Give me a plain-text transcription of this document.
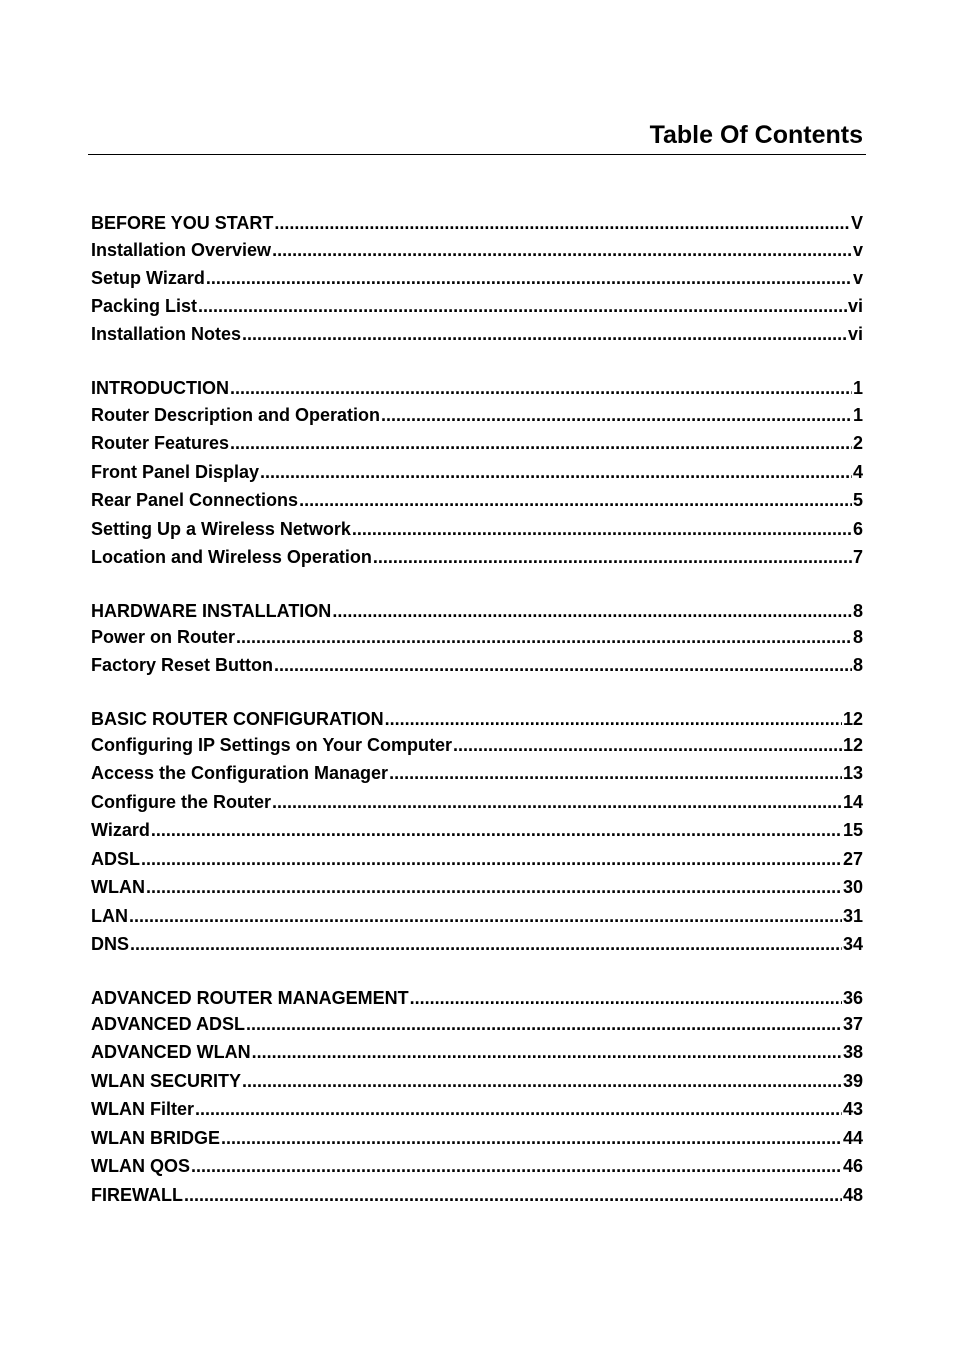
Table Of Contents
BEFORE YOU START .....	V
Installation Overview .....	v
Setup Wizard .....	v
Packing List .....	vi
Installation Notes .....	vi
INTRODUCTION .....	1
Router Description and Operation .....	1
Router Features .....	2
Front Panel Display .....	4
Rear Panel Connections .....	5
Setting Up a Wireless Network .....	6
Location and Wireless Operation .....	7
HARDWARE INSTALLATION .....	8
Power on Router .....	8
Factory Reset Button .....	8
BASIC ROUTER CONFIGURATION .....	12
Configuring IP Settings on Your Computer .....	12
Access the Configuration Manager .....	13
Configure the Router .....	14
Wizard .....	15
ADSL .....	27
WLAN .....	30
LAN .....	31
DNS .....	34
ADVANCED ROUTER MANAGEMENT .....	36
ADVANCED ADSL .....	37
ADVANCED WLAN .....	38
WLAN SECURITY .....	39
WLAN Filter .....	43
WLAN BRIDGE .....	44
WLAN QOS .....	46
FIREWALL .....	48
